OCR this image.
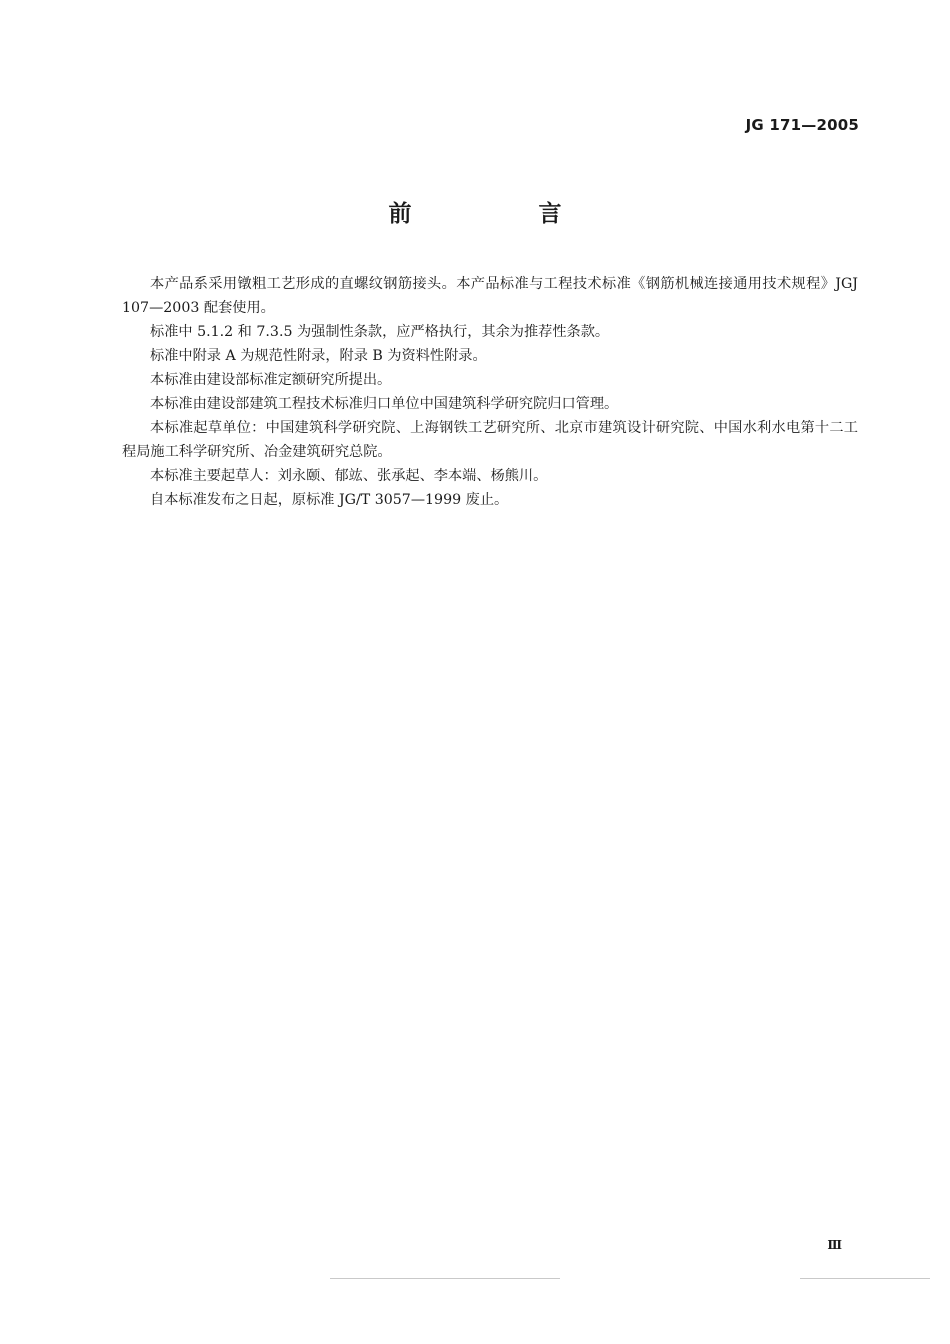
JG 171—2005
前　言

本产品系采用镦粗工艺形成的直螺纹钢筋接头。本产品标准与工程技术标准《钢筋机械连接通用技术规程》JGJ 107—2003 配套使用。

标准中 5.1.2 和 7.3.5 为强制性条款，应严格执行，其余为推荐性条款。

标准中附录 A 为规范性附录，附录 B 为资料性附录。

本标准由建设部标准定额研究所提出。

本标准由建设部建筑工程技术标准归口单位中国建筑科学研究院归口管理。

本标准起草单位：中国建筑科学研究院、上海钢铁工艺研究所、北京市建筑设计研究院、中国水利水电第十二工程局施工科学研究所、冶金建筑研究总院。

本标准主要起草人：刘永颐、郁竑、张承起、李本端、杨熊川。

自本标准发布之日起，原标准 JG/T 3057—1999 废止。

Ⅲ
